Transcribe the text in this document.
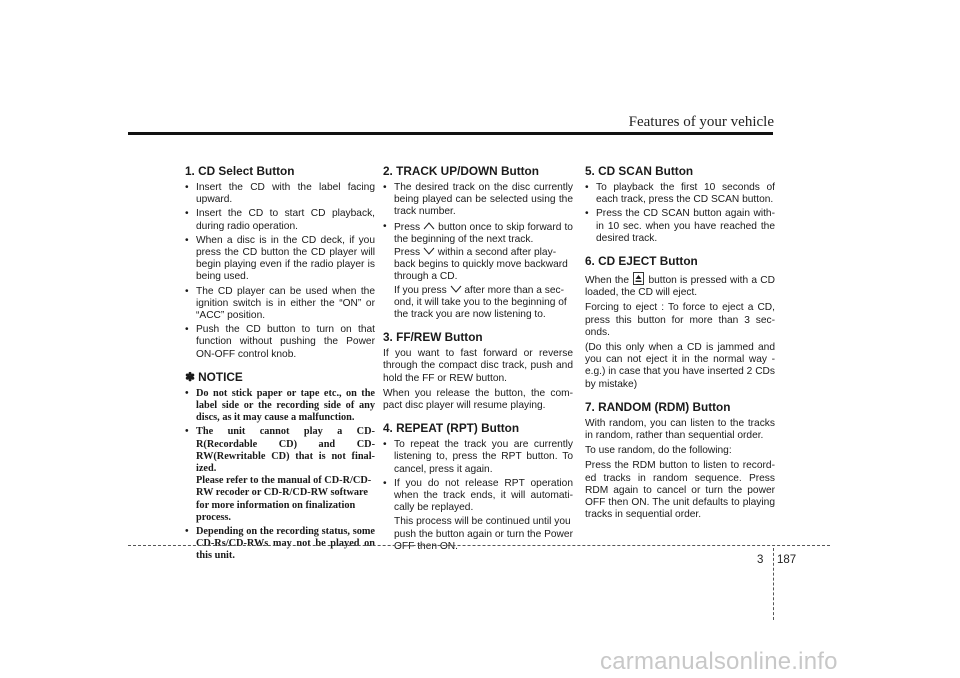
Features of your vehicle
1. CD Select Button
• Insert the CD with the label facing upward.
• Insert the CD to start CD playback, during radio operation.
• When a disc is in the CD deck, if you press the CD button the CD player will begin playing even if the radio player is being used.
• The CD player can be used when the ignition switch is in either the “ON” or “ACC” position.
• Push the CD button to turn on that function without pushing the Power ON-OFF control knob.
✽ NOTICE
• Do not stick paper or tape etc., on the label side or the recording side of any discs, as it may cause a malfunction.
• The unit cannot play a CD-R(Recordable CD) and CD-RW(Rewritable CD) that is not final-ized.
Please refer to the manual of CD-R/CD-RW recoder or CD-R/CD-RW software for more information on finalization process.
• Depending on the recording status, some CD-Rs/CD-RWs may not be played on this unit.
2. TRACK UP/DOWN Button
• The desired track on the disc currently being played can be selected using the track number.
• Press button once to skip forward to the beginning of the next track.
Press within a second after play-back begins to quickly move backward through a CD.
If you press after more than a sec-ond, it will take you to the beginning of the track you are now listening to.
3. FF/REW Button
If you want to fast forward or reverse through the compact disc track, push and hold the FF or REW button.
When you release the button, the com-pact disc player will resume playing.
4. REPEAT (RPT) Button
• To repeat the track you are currently listening to, press the RPT button. To cancel, press it again.
• If you do not release RPT operation when the track ends, it will automati-cally be replayed.
This process will be continued until you push the button again or turn the Power OFF then ON.
5. CD SCAN Button
• To playback the first 10 seconds of each track, press the CD SCAN button.
• Press the CD SCAN button again with-in 10 sec. when you have reached the desired track.
6. CD EJECT Button
When the button is pressed with a CD loaded, the CD will eject.
Forcing to eject : To force to eject a CD, press this button for more than 3 sec-onds.
(Do this only when a CD is jammed and you can not eject it in the normal way - e.g.) in case that you have inserted 2 CDs by mistake)
7. RANDOM (RDM) Button
With random, you can listen to the tracks in random, rather than sequential order.
To use random, do the following:
Press the RDM button to listen to record-ed tracks in random sequence. Press RDM again to cancel or turn the power OFF then ON. The unit defaults to playing tracks in sequential order.
3 187
carmanualsonline.info
